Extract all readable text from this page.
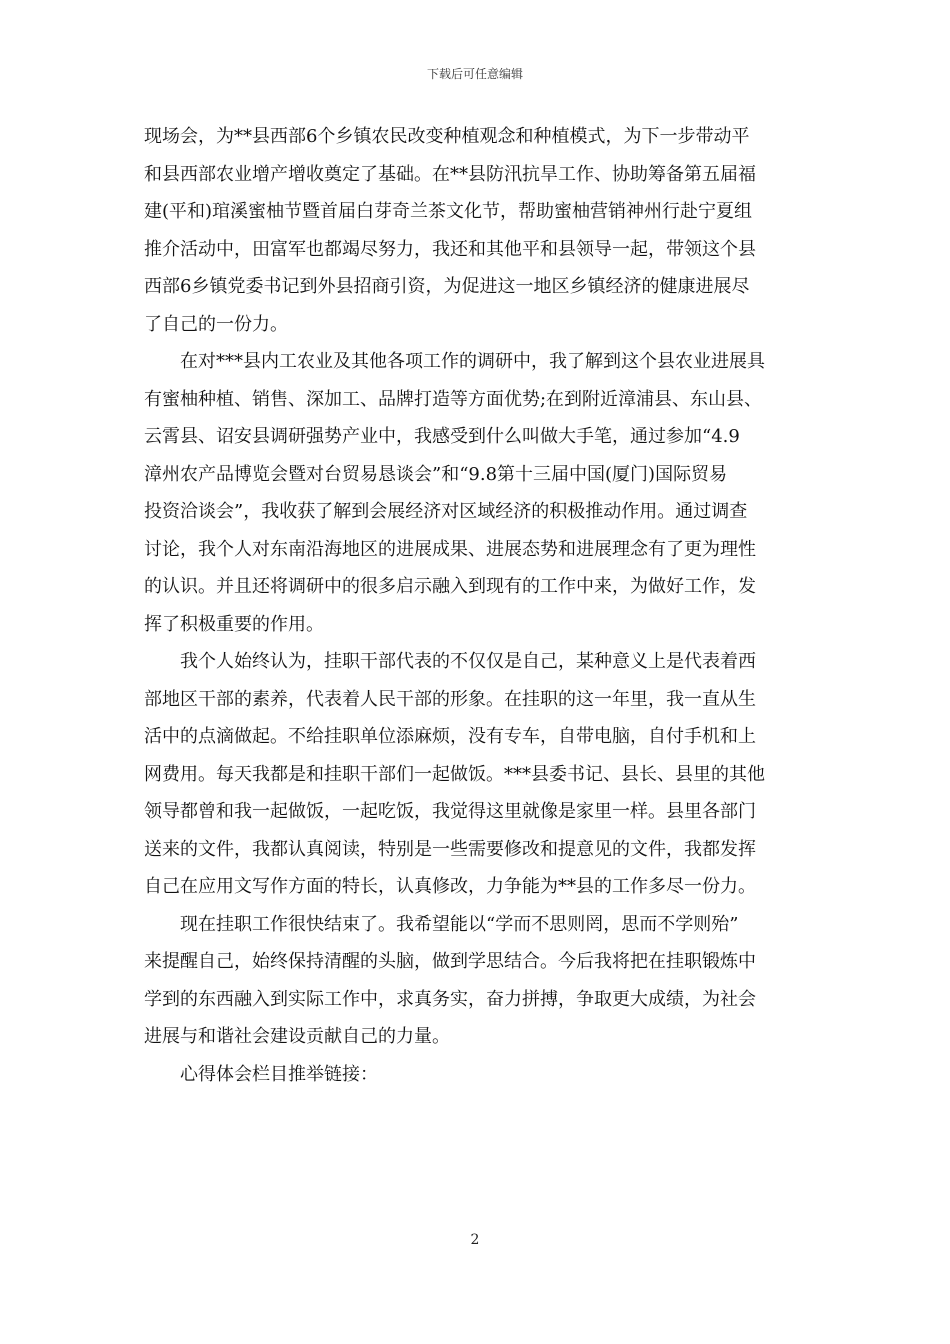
下载后可任意编辑
现场会，为**县西部6个乡镇农民改变种植观念和种植模式，为下一步带动平
和县西部农业增产增收奠定了基础。在**县防汛抗旱工作、协助筹备第五届福
建(平和)琯溪蜜柚节暨首届白芽奇兰茶文化节，帮助蜜柚营销神州行赴宁夏组
推介活动中，田富军也都竭尽努力，我还和其他平和县领导一起，带领这个县
西部6乡镇党委书记到外县招商引资，为促进这一地区乡镇经济的健康进展尽
了自己的一份力。
　　在对***县内工农业及其他各项工作的调研中，我了解到这个县农业进展具
有蜜柚种植、销售、深加工、品牌打造等方面优势;在到附近漳浦县、东山县、
云霄县、诏安县调研强势产业中，我感受到什么叫做大手笔，通过参加“4.9
漳州农产品博览会暨对台贸易恳谈会”和“9.8第十三届中国(厦门)国际贸易
投资洽谈会”，我收获了解到会展经济对区域经济的积极推动作用。通过调查
讨论，我个人对东南沿海地区的进展成果、进展态势和进展理念有了更为理性
的认识。并且还将调研中的很多启示融入到现有的工作中来，为做好工作，发
挥了积极重要的作用。
　　我个人始终认为，挂职干部代表的不仅仅是自己，某种意义上是代表着西
部地区干部的素养，代表着人民干部的形象。在挂职的这一年里，我一直从生
活中的点滴做起。不给挂职单位添麻烦，没有专车，自带电脑，自付手机和上
网费用。每天我都是和挂职干部们一起做饭。***县委书记、县长、县里的其他
领导都曾和我一起做饭，一起吃饭，我觉得这里就像是家里一样。县里各部门
送来的文件，我都认真阅读，特别是一些需要修改和提意见的文件，我都发挥
自己在应用文写作方面的特长，认真修改，力争能为**县的工作多尽一份力。
　　现在挂职工作很快结束了。我希望能以“学而不思则罔，思而不学则殆”
来提醒自己，始终保持清醒的头脑，做到学思结合。今后我将把在挂职锻炼中
学到的东西融入到实际工作中，求真务实，奋力拼搏，争取更大成绩，为社会
进展与和谐社会建设贡献自己的力量。
　　心得体会栏目推举链接：
2
